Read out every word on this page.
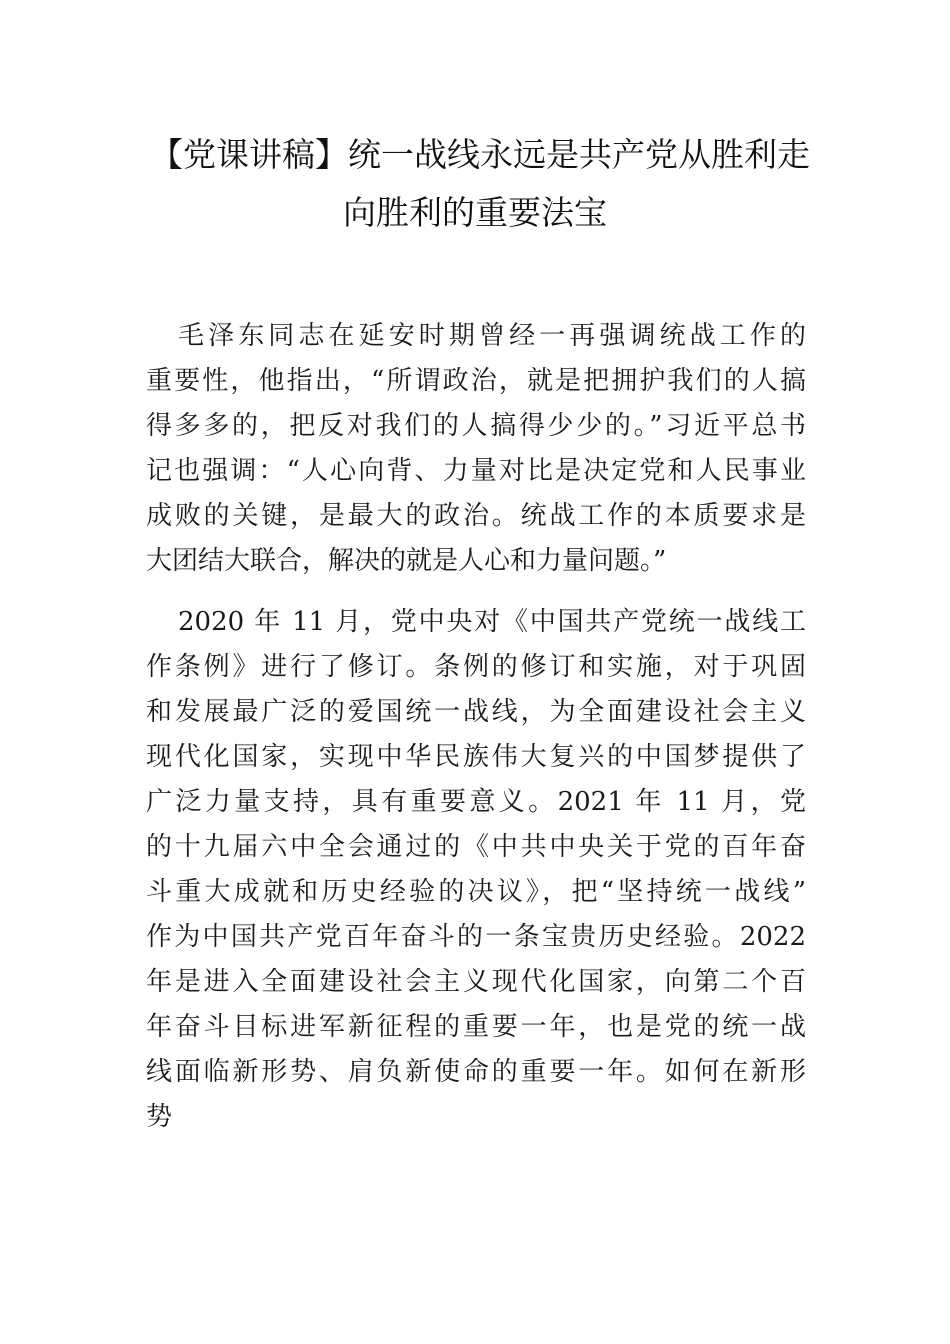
【党课讲稿】统一战线永远是共产党从胜利走
向胜利的重要法宝
毛泽东同志在延安时期曾经一再强调统战工作的
重要性，他指出，“所谓政治，就是把拥护我们的人搞
得多多的，把反对我们的人搞得少少的。”习近平总书
记也强调：“人心向背、力量对比是决定党和人民事业
成败的关键，是最大的政治。统战工作的本质要求是
大团结大联合，解决的就是人心和力量问题。”
2020 年 11 月，党中央对《中国共产党统一战线工
作条例》进行了修订。条例的修订和实施，对于巩固
和发展最广泛的爱国统一战线，为全面建设社会主义
现代化国家，实现中华民族伟大复兴的中国梦提供了
广泛力量支持，具有重要意义。2021 年 11 月，党
的十九届六中全会通过的《中共中央关于党的百年奋
斗重大成就和历史经验的决议》，把“坚持统一战线”
作为中国共产党百年奋斗的一条宝贵历史经验。2022
年是进入全面建设社会主义现代化国家，向第二个百
年奋斗目标进军新征程的重要一年，也是党的统一战
线面临新形势、肩负新使命的重要一年。如何在新形
势
